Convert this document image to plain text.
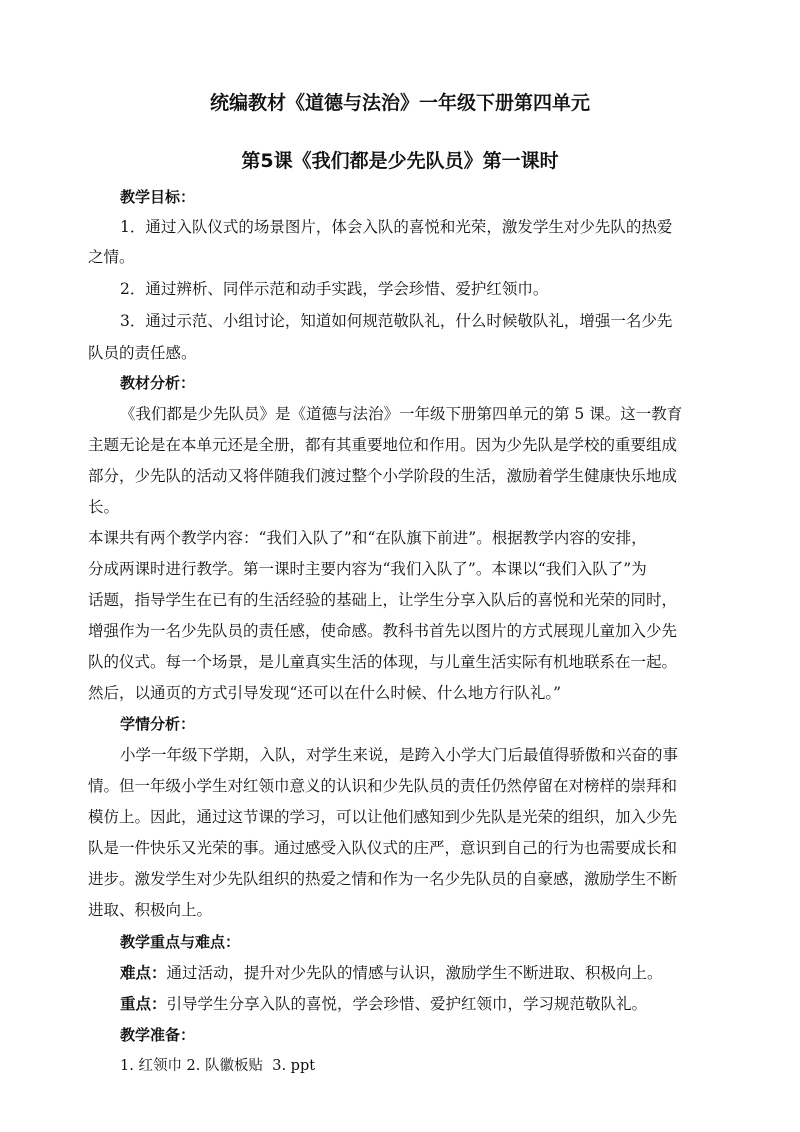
统编教材《道德与法治》一年级下册第四单元
第5课《我们都是少先队员》第一课时
教学目标：
1．通过入队仪式的场景图片，体会入队的喜悦和光荣，激发学生对少先队的热爱
之情。
2．通过辨析、同伴示范和动手实践，学会珍惜、爱护红领巾。
3．通过示范、小组讨论，知道如何规范敬队礼，什么时候敬队礼，增强一名少先
队员的责任感。
教材分析：
《我们都是少先队员》是《道德与法治》一年级下册第四单元的第 5 课。这一教育
主题无论是在本单元还是全册，都有其重要地位和作用。因为少先队是学校的重要组成
部分，少先队的活动又将伴随我们渡过整个小学阶段的生活，激励着学生健康快乐地成
长。
本课共有两个教学内容：“我们入队了”和“在队旗下前进”。根据教学内容的安排，
分成两课时进行教学。第一课时主要内容为“我们入队了”。本课以“我们入队了”为
话题，指导学生在已有的生活经验的基础上，让学生分享入队后的喜悦和光荣的同时，
增强作为一名少先队员的责任感，使命感。教科书首先以图片的方式展现儿童加入少先
队的仪式。每一个场景，是儿童真实生活的体现，与儿童生活实际有机地联系在一起。
然后，以通页的方式引导发现“还可以在什么时候、什么地方行队礼。”
学情分析：
小学一年级下学期，入队，对学生来说，是跨入小学大门后最值得骄傲和兴奋的事
情。但一年级小学生对红领巾意义的认识和少先队员的责任仍然停留在对榜样的崇拜和
模仿上。因此，通过这节课的学习，可以让他们感知到少先队是光荣的组织，加入少先
队是一件快乐又光荣的事。通过感受入队仪式的庄严，意识到自己的行为也需要成长和
进步。激发学生对少先队组织的热爱之情和作为一名少先队员的自豪感，激励学生不断
进取、积极向上。
教学重点与难点：
难点：通过活动，提升对少先队的情感与认识，激励学生不断进取、积极向上。
重点：引导学生分享入队的喜悦，学会珍惜、爱护红领巾，学习规范敬队礼。
教学准备：
1. 红领巾 2. 队徽板贴  3. ppt
